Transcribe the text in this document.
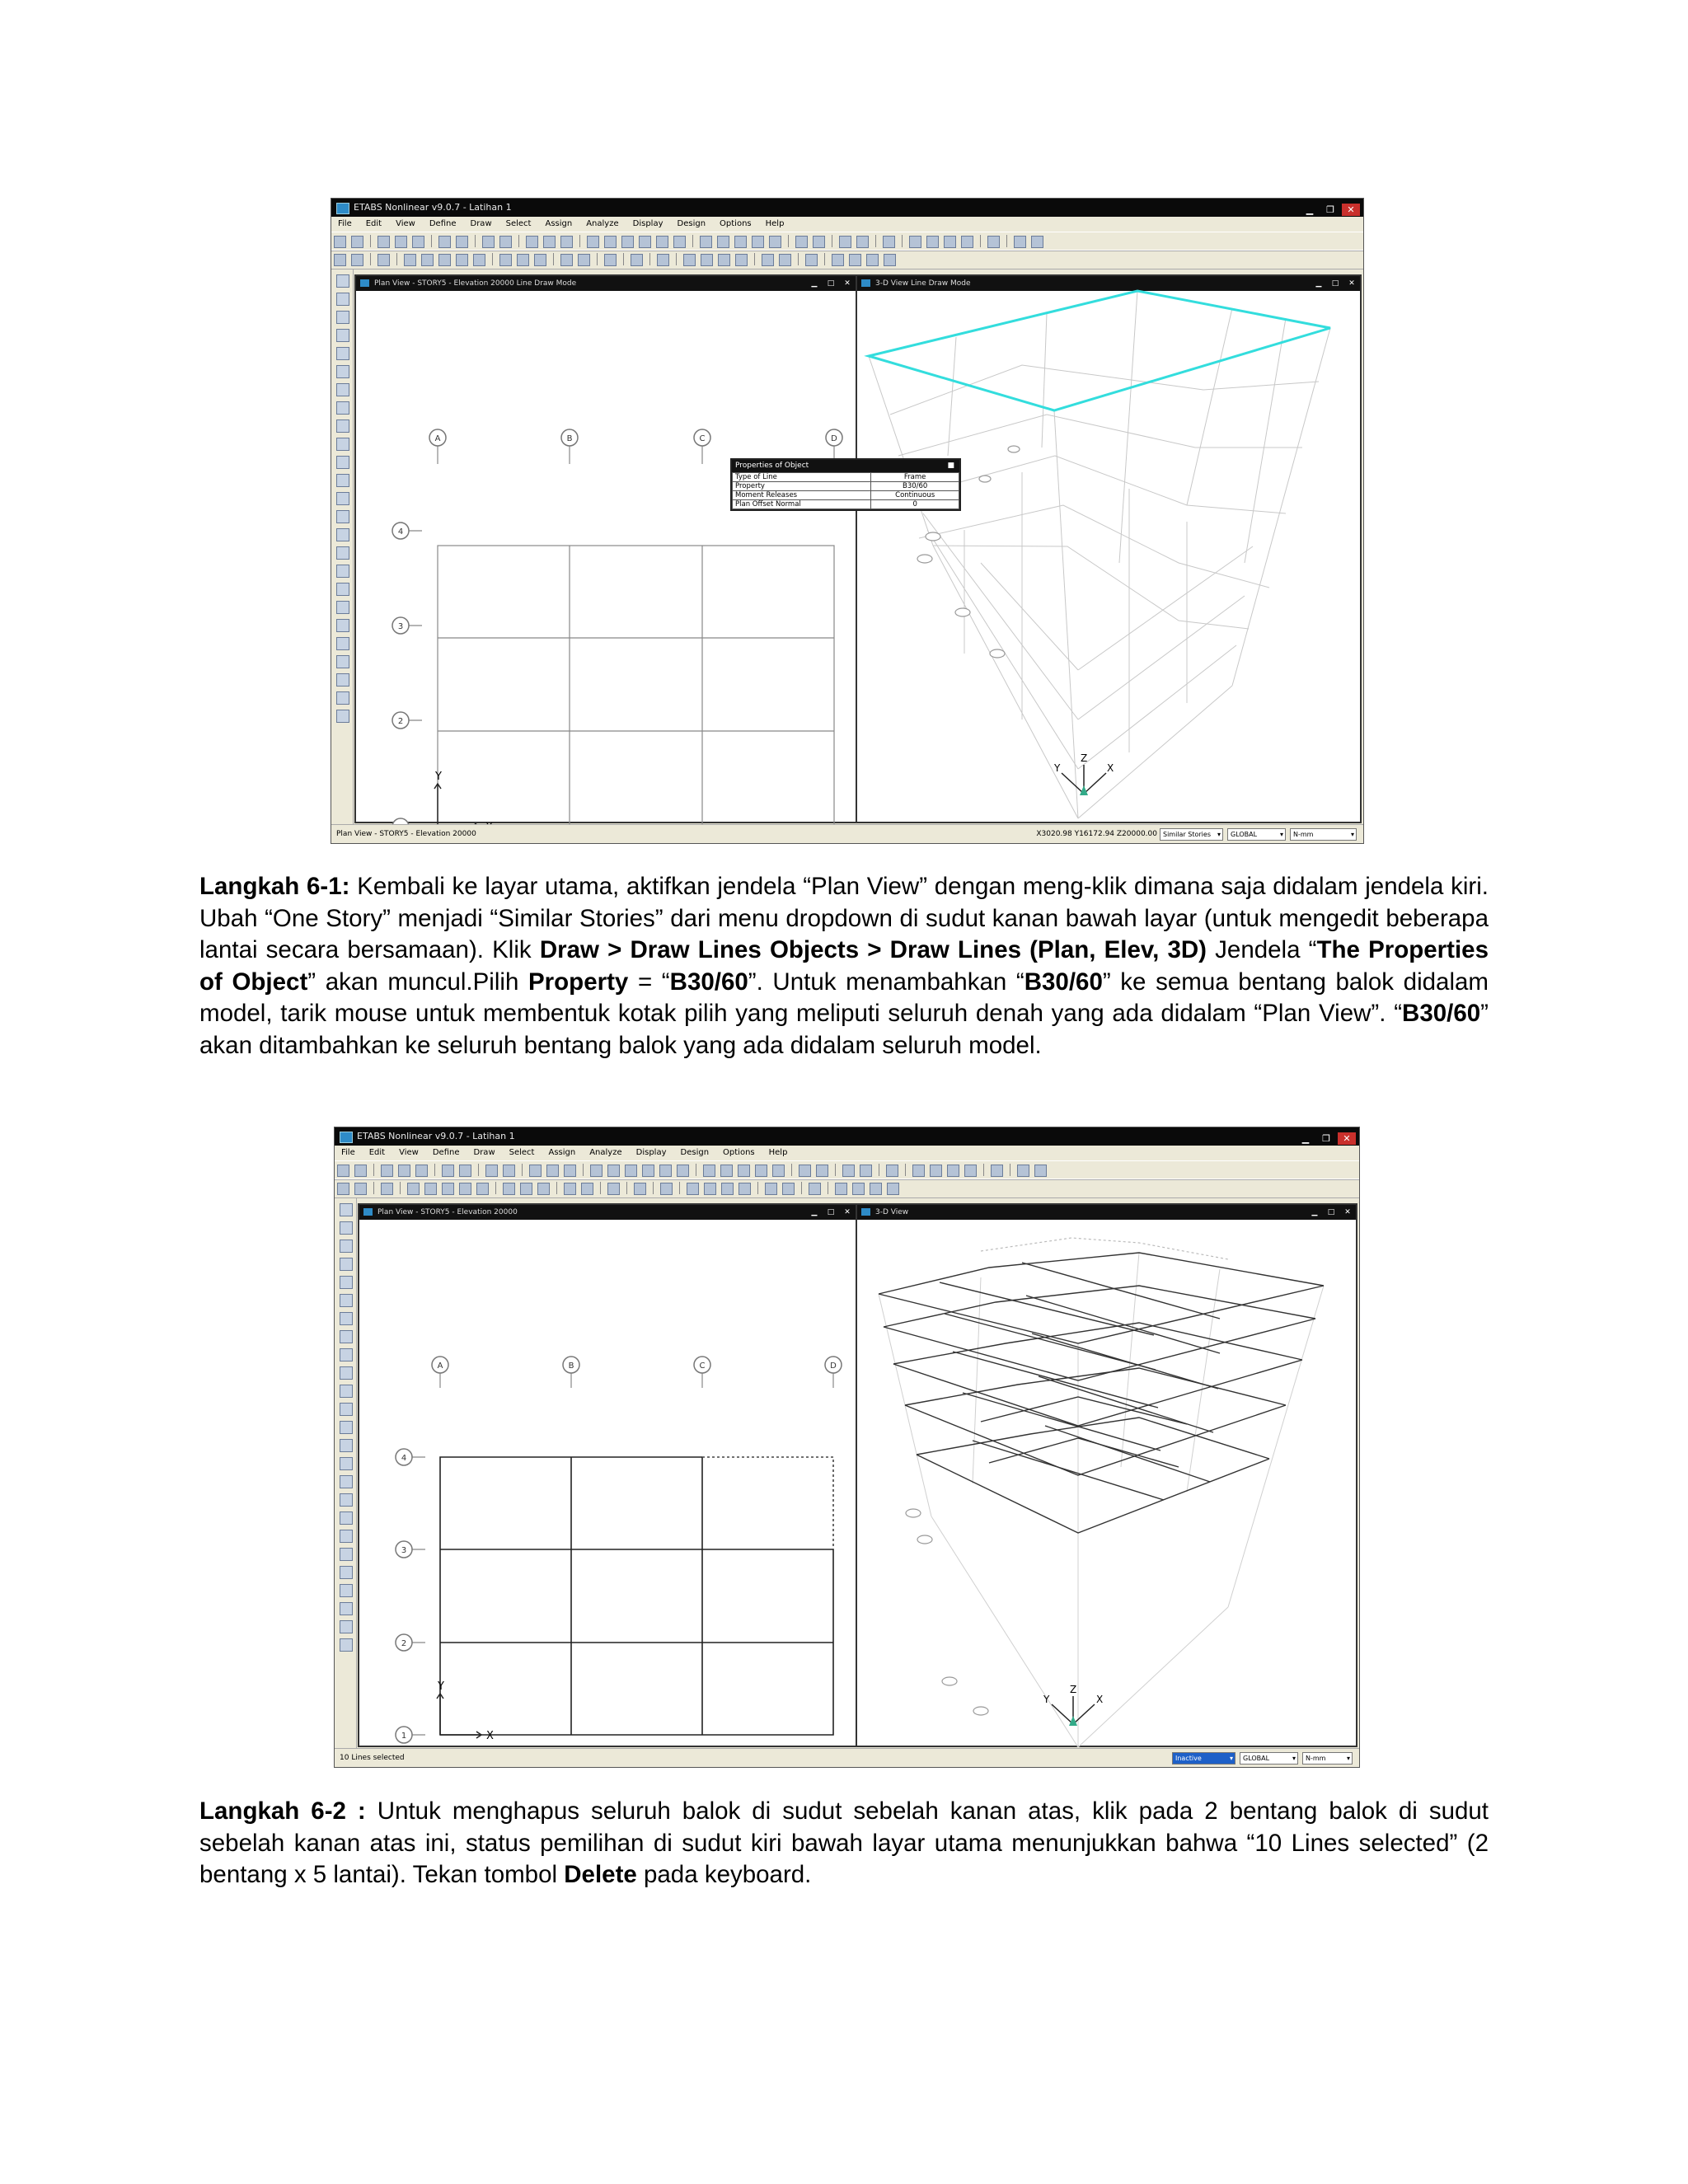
ETABS Nonlinear v9.0.7 - Latihan 1	▁ ❐ ✕
File Edit View Define Draw Select Assign Analyze Display Design Options Help
Plan View - STORY5 - Elevation 20000 Line Draw Mode	▁	□	✕
A	B	C	D
4
3
2
Y
3-D View Line Draw Mode	▁	□	✕
Z
Y	X
Properties of Object	■
Type of Line	Frame
Property	B30/60
Moment Releases	Continuous
Plan Offset Normal	0
Plan View - STORY5 - Elevation 20000	X3020.98 Y16172.94 Z20000.00 Similar Stories ▾	GLOBAL ▾	N-mm ▾
Langkah 6-1: Kembali ke layar utama, aktifkan jendela “Plan View” dengan meng-klik dimana saja didalam jendela kiri. Ubah “One Story” menjadi “Similar Stories” dari menu dropdown di sudut kanan bawah layar (untuk mengedit beberapa lantai secara bersamaan). Klik Draw > Draw Lines Objects > Draw Lines (Plan, Elev, 3D) Jendela “The Properties of Object” akan muncul.Pilih Property = “B30/60”. Untuk menambahkan “B30/60” ke semua bentang balok didalam model, tarik mouse untuk membentuk kotak pilih yang meliputi seluruh denah yang ada didalam “Plan View”. “B30/60” akan ditambahkan ke seluruh bentang balok yang ada didalam seluruh model.
ETABS Nonlinear v9.0.7 - Latihan 1	▁ ❐ ✕
File Edit View Define Draw Select Assign Analyze Display Design Options Help
Plan View - STORY5 - Elevation 20000	▁	□	✕
A	B	C	D
4
3
2
1
Y
X
3-D View	▁	□	✕
Z
Y	X
10 Lines selected	Inactive ▾	GLOBAL ▾	N-mm ▾
Langkah 6-2 : Untuk menghapus seluruh balok di sudut sebelah kanan atas, klik pada 2 bentang balok di sudut sebelah kanan atas ini, status pemilihan di sudut kiri bawah layar utama menunjukkan bahwa “10 Lines selected” (2 bentang x 5 lantai). Tekan tombol Delete pada keyboard.
